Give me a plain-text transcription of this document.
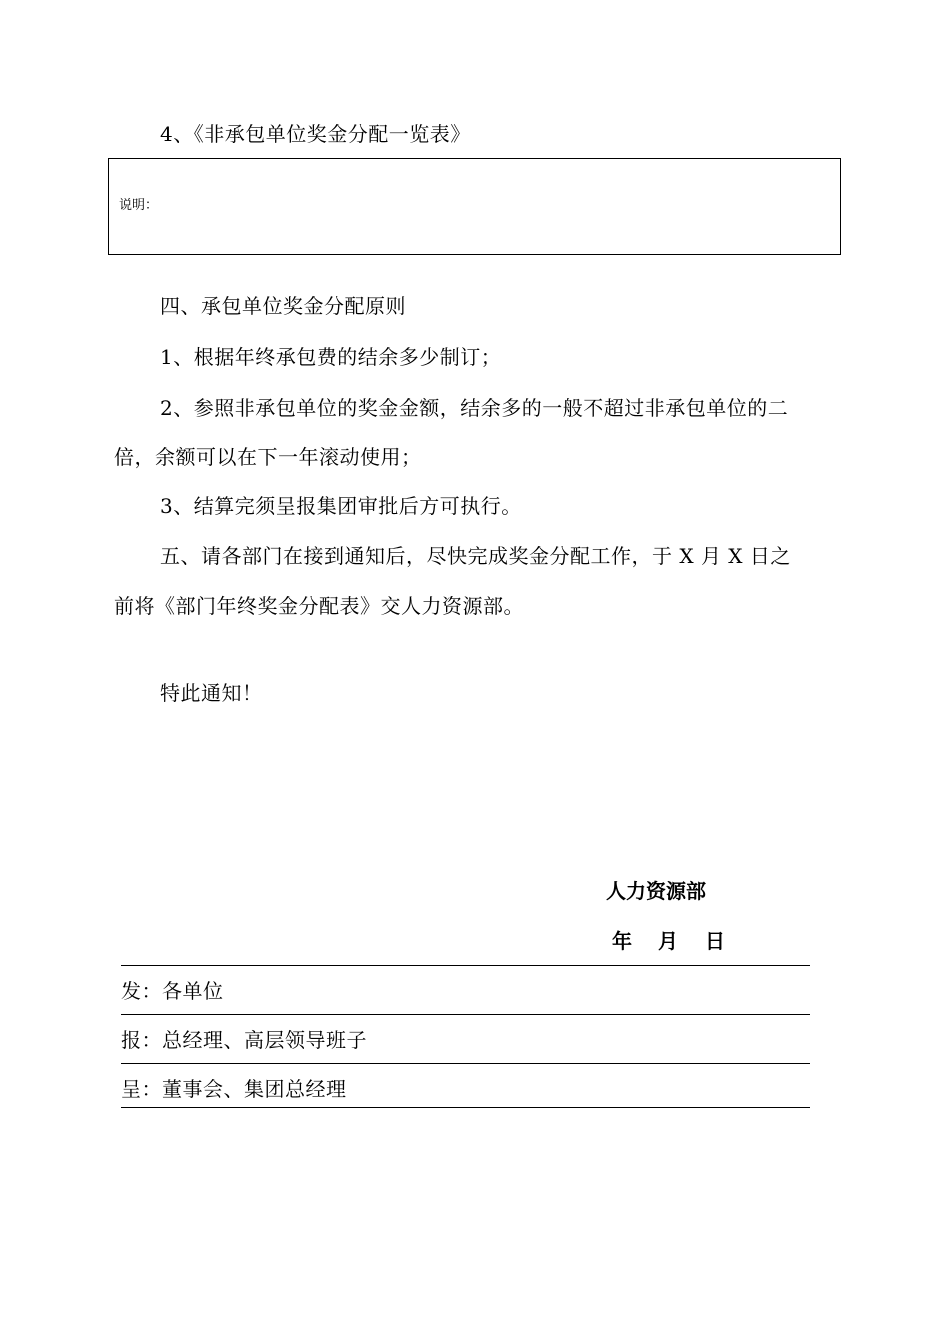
4、《非承包单位奖金分配一览表》
说明：
四、承包单位奖金分配原则
1、根据年终承包费的结余多少制订；
2、参照非承包单位的奖金金额，结余多的一般不超过非承包单位的二
倍，余额可以在下一年滚动使用；
3、结算完须呈报集团审批后方可执行。
五、请各部门在接到通知后，尽快完成奖金分配工作，于 X 月 X 日之
前将《部门年终奖金分配表》交人力资源部。
特此通知！
人力资源部
年 月 日
发：各单位
报：总经理、高层领导班子
呈：董事会、集团总经理
